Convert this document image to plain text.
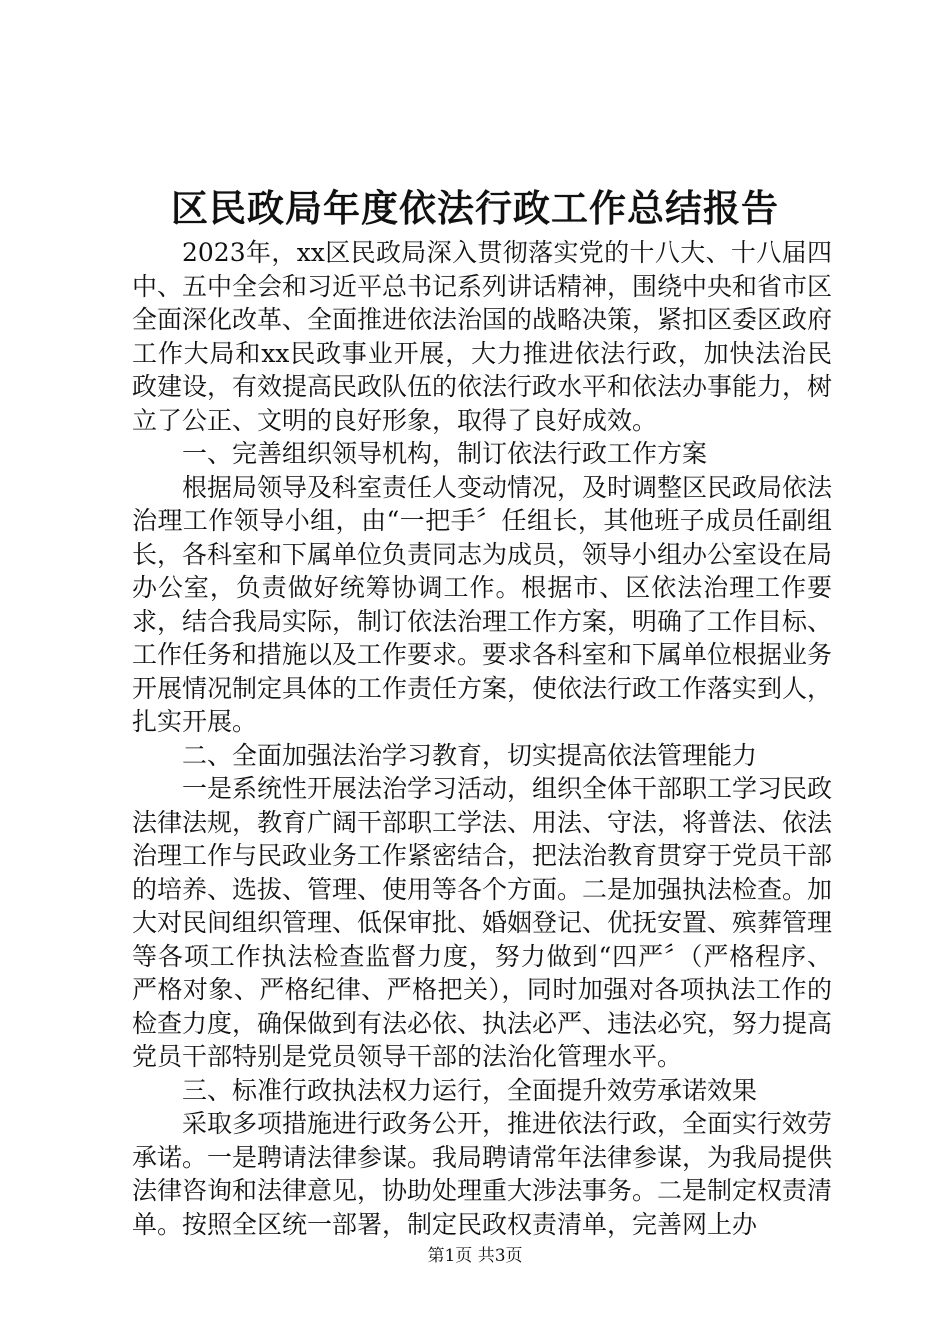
区民政局年度依法行政工作总结报告

2023年，xx区民政局深入贯彻落实党的十八大、十八届四中、五中全会和习近平总书记系列讲话精神，围绕中央和省市区全面深化改革、全面推进依法治国的战略决策，紧扣区委区政府工作大局和xx民政事业开展，大力推进依法行政，加快法治民政建设，有效提高民政队伍的依法行政水平和依法办事能力，树立了公正、文明的良好形象，取得了良好成效。

一、完善组织领导机构，制订依法行政工作方案

根据局领导及科室责任人变动情况，及时调整区民政局依法治理工作领导小组，由“一把手〞任组长，其他班子成员任副组长，各科室和下属单位负责同志为成员，领导小组办公室设在局办公室，负责做好统筹协调工作。根据市、区依法治理工作要求，结合我局实际，制订依法治理工作方案，明确了工作目标、工作任务和措施以及工作要求。要求各科室和下属单位根据业务开展情况制定具体的工作责任方案，使依法行政工作落实到人，扎实开展。

二、全面加强法治学习教育，切实提高依法管理能力

一是系统性开展法治学习活动，组织全体干部职工学习民政法律法规，教育广阔干部职工学法、用法、守法，将普法、依法治理工作与民政业务工作紧密结合，把法治教育贯穿于党员干部的培养、选拔、管理、使用等各个方面。二是加强执法检查。加大对民间组织管理、低保审批、婚姻登记、优抚安置、殡葬管理等各项工作执法检查监督力度，努力做到“四严〞（严格程序、严格对象、严格纪律、严格把关），同时加强对各项执法工作的检查力度，确保做到有法必依、执法必严、违法必究，努力提高党员干部特别是党员领导干部的法治化管理水平。

三、标准行政执法权力运行，全面提升效劳承诺效果

采取多项措施进行政务公开，推进依法行政，全面实行效劳承诺。一是聘请法律参谋。我局聘请常年法律参谋，为我局提供法律咨询和法律意见，协助处理重大涉法事务。二是制定权责清单。按照全区统一部署，制定民政权责清单，完善网上办

第1页 共3页
